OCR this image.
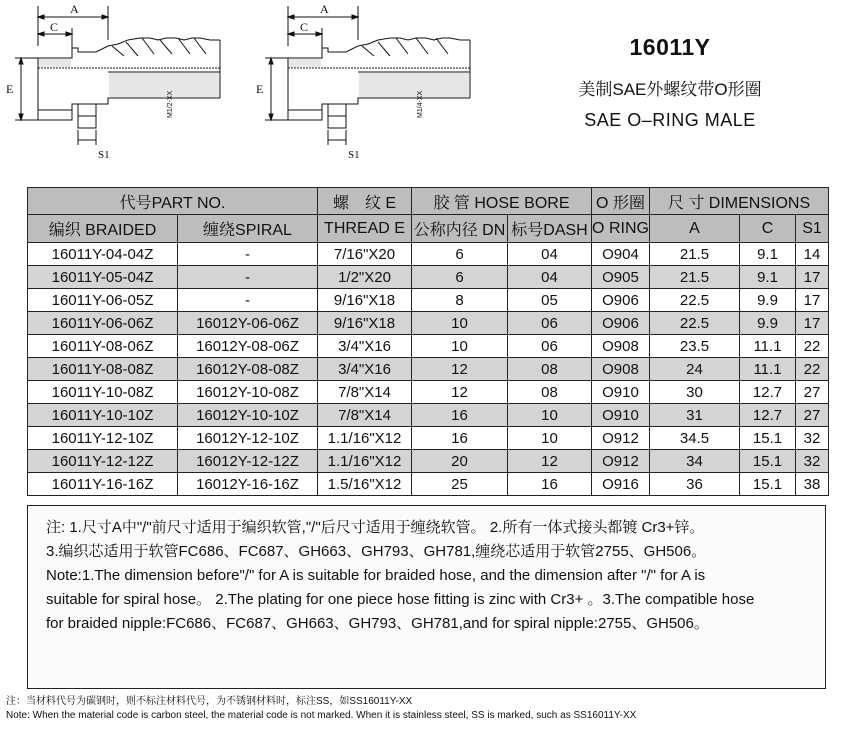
A
C
E
S1
M1/2-XX
A
C
E
S1
M1/4-XX
16011Y
美制SAE外螺纹带O形圈
SAE O–RING MALE
代号PART NO.		螺　纹 E	胶 管 HOSE BORE		O 形圈	尺 寸 DIMENSIONS		
编织 BRAIDED	缠绕SPIRAL	THREAD E	公称内径 DN	标号DASH	O RING	A	C	S1
16011Y-04-04Z	-	7/16"X20	6	04	O904	21.5	9.1	14
16011Y-05-04Z	-	1/2"X20	6	04	O905	21.5	9.1	17
16011Y-06-05Z	-	9/16"X18	8	05	O906	22.5	9.9	17
16011Y-06-06Z	16012Y-06-06Z	9/16"X18	10	06	O906	22.5	9.9	17
16011Y-08-06Z	16012Y-08-06Z	3/4"X16	10	06	O908	23.5	11.1	22
16011Y-08-08Z	16012Y-08-08Z	3/4"X16	12	08	O908	24	11.1	22
16011Y-10-08Z	16012Y-10-08Z	7/8"X14	12	08	O910	30	12.7	27
16011Y-10-10Z	16012Y-10-10Z	7/8"X14	16	10	O910	31	12.7	27
16011Y-12-10Z	16012Y-12-10Z	1.1/16"X12	16	10	O912	34.5	15.1	32
16011Y-12-12Z	16012Y-12-12Z	1.1/16"X12	20	12	O912	34	15.1	32
16011Y-16-16Z	16012Y-16-16Z	1.5/16"X12	25	16	O916	36	15.1	38

注: 1.尺寸A中"/"前尺寸适用于编织软管,"/"后尺寸适用于缠绕软管。 2.所有一体式接头都镀 Cr3+锌。

3.编织芯适用于软管FC686、FC687、GH663、GH793、GH781,缠绕芯适用于软管2755、GH506。

Note:1.The dimension before"/" for A is suitable for braided hose, and the dimension after "/" for A is

suitable for spiral hose。 2.The plating for one piece hose fitting is zinc with Cr3+ 。3.The compatible hose

for braided nipple:FC686、FC687、GH663、GH793、GH781,and for spiral nipple:2755、GH506。

注：当材料代号为碳钢时，则不标注材料代号，为不锈钢材料时，标注SS，如SS16011Y-XX
Note: When the material code is carbon steel, the material code is not marked. When it is stainless steel, SS is marked, such as SS16011Y-XX
